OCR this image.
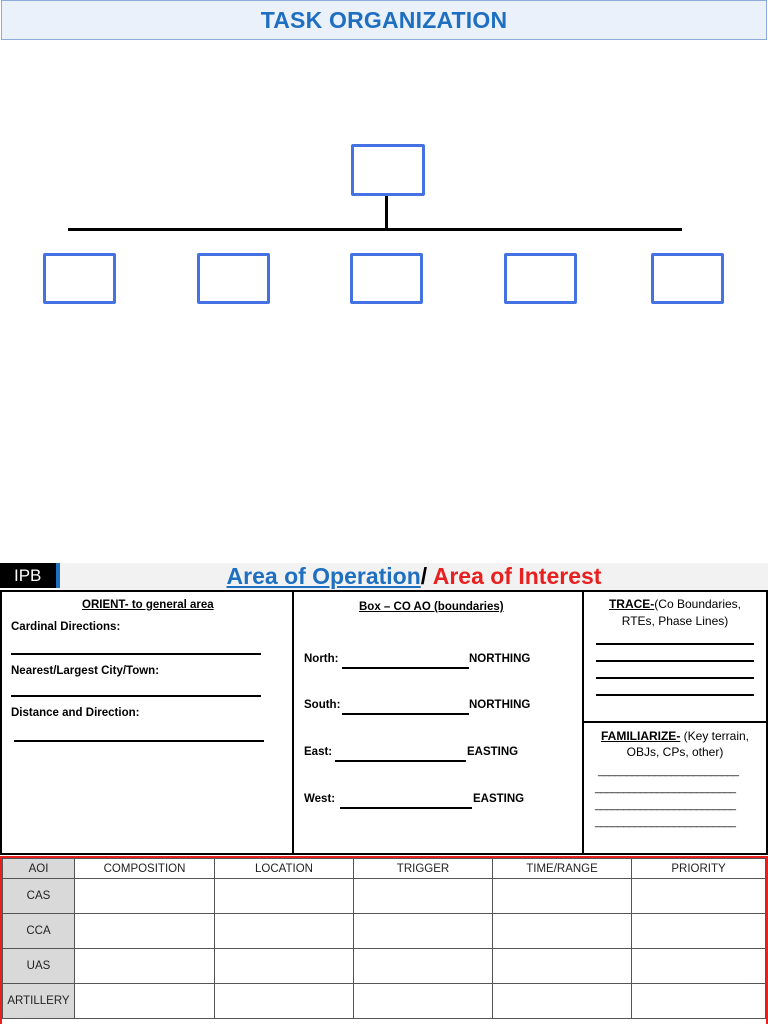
TASK ORGANIZATION
IPB	Area of Operation / Area of Interest
ORIENT- to general area
Cardinal Directions:
Nearest/Largest City/Town:
Distance and Direction:
Box – CO AO (boundaries)
North:	NORTHING
South:	NORTHING
East:	EASTING
West:	EASTING
TRACE-(Co Boundaries,
RTEs, Phase Lines)
FAMILIARIZE- (Key terrain,
OBJs, CPs, other)
_________________________
_________________________
_________________________
_________________________
AOI	COMPOSITION	LOCATION	TRIGGER	TIME/RANGE	PRIORITY
CAS					
CCA					
UAS					
ARTILLERY					
